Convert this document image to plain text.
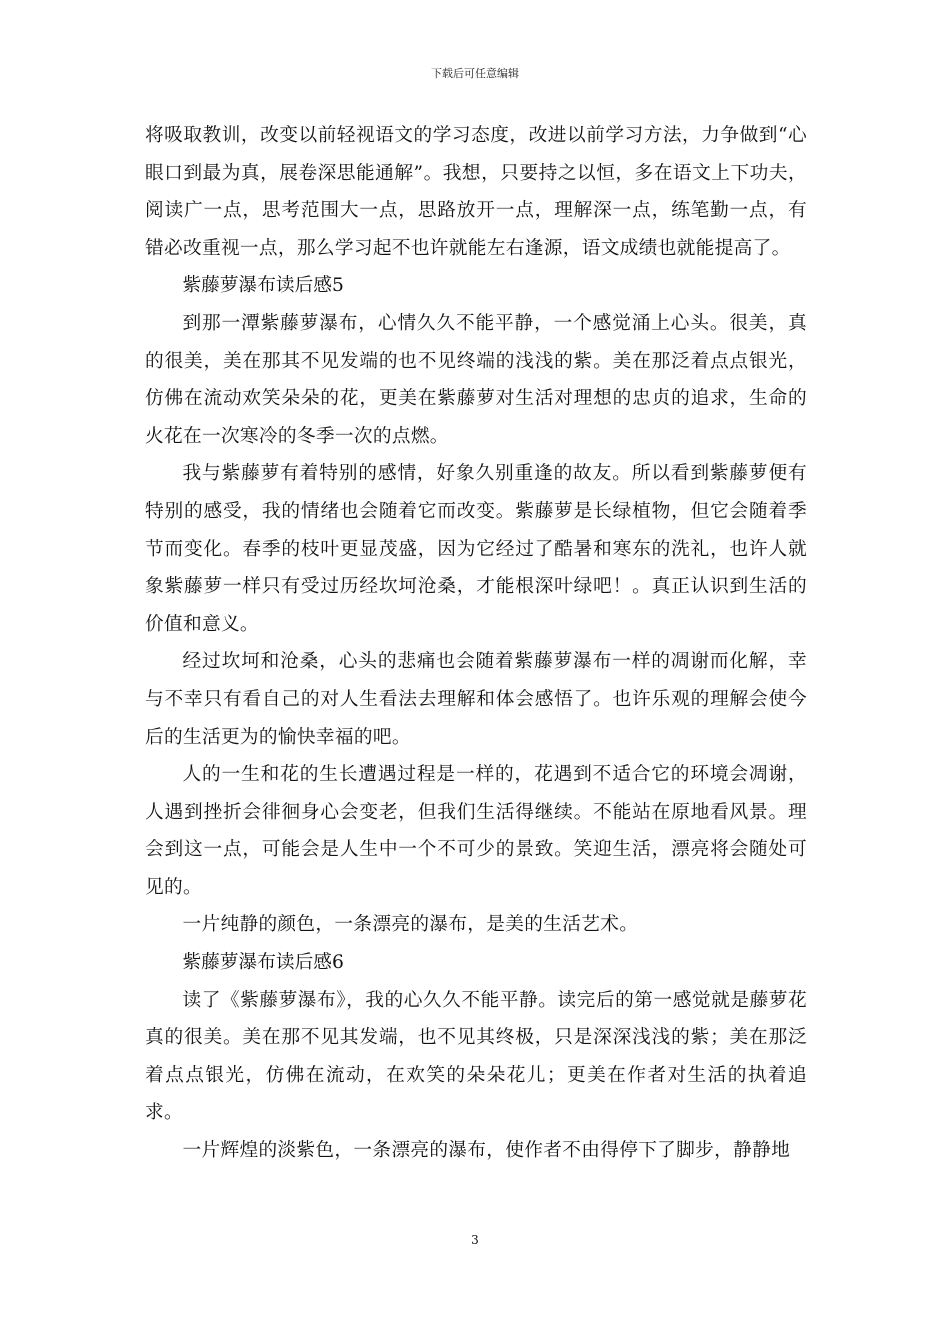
下载后可任意编辑

将吸取教训，改变以前轻视语文的学习态度，改进以前学习方法，力争做到“心眼口到最为真，展卷深思能通解”。我想，只要持之以恒，多在语文上下功夫，阅读广一点，思考范围大一点，思路放开一点，理解深一点，练笔勤一点，有错必改重视一点，那么学习起不也许就能左右逢源，语文成绩也就能提高了。

紫藤萝瀑布读后感5

到那一潭紫藤萝瀑布，心情久久不能平静，一个感觉涌上心头。很美，真的很美，美在那其不见发端的也不见终端的浅浅的紫。美在那泛着点点银光，仿佛在流动欢笑朵朵的花，更美在紫藤萝对生活对理想的忠贞的追求，生命的火花在一次寒冷的冬季一次的点燃。

我与紫藤萝有着特别的感情，好象久别重逢的故友。所以看到紫藤萝便有特别的感受，我的情绪也会随着它而改变。紫藤萝是长绿植物，但它会随着季节而变化。春季的枝叶更显茂盛，因为它经过了酷暑和寒东的洗礼，也许人就象紫藤萝一样只有受过历经坎坷沧桑，才能根深叶绿吧！。真正认识到生活的价值和意义。

经过坎坷和沧桑，心头的悲痛也会随着紫藤萝瀑布一样的凋谢而化解，幸与不幸只有看自己的对人生看法去理解和体会感悟了。也许乐观的理解会使今后的生活更为的愉快幸福的吧。

人的一生和花的生长遭遇过程是一样的，花遇到不适合它的环境会凋谢，人遇到挫折会徘徊身心会变老，但我们生活得继续。不能站在原地看风景。理会到这一点，可能会是人生中一个不可少的景致。笑迎生活，漂亮将会随处可见的。

一片纯静的颜色，一条漂亮的瀑布，是美的生活艺术。

紫藤萝瀑布读后感6

读了《紫藤萝瀑布》，我的心久久不能平静。读完后的第一感觉就是藤萝花真的很美。美在那不见其发端，也不见其终极，只是深深浅浅的紫；美在那泛着点点银光，仿佛在流动，在欢笑的朵朵花儿；更美在作者对生活的执着追求。

一片辉煌的淡紫色，一条漂亮的瀑布，使作者不由得停下了脚步，静静地

3
